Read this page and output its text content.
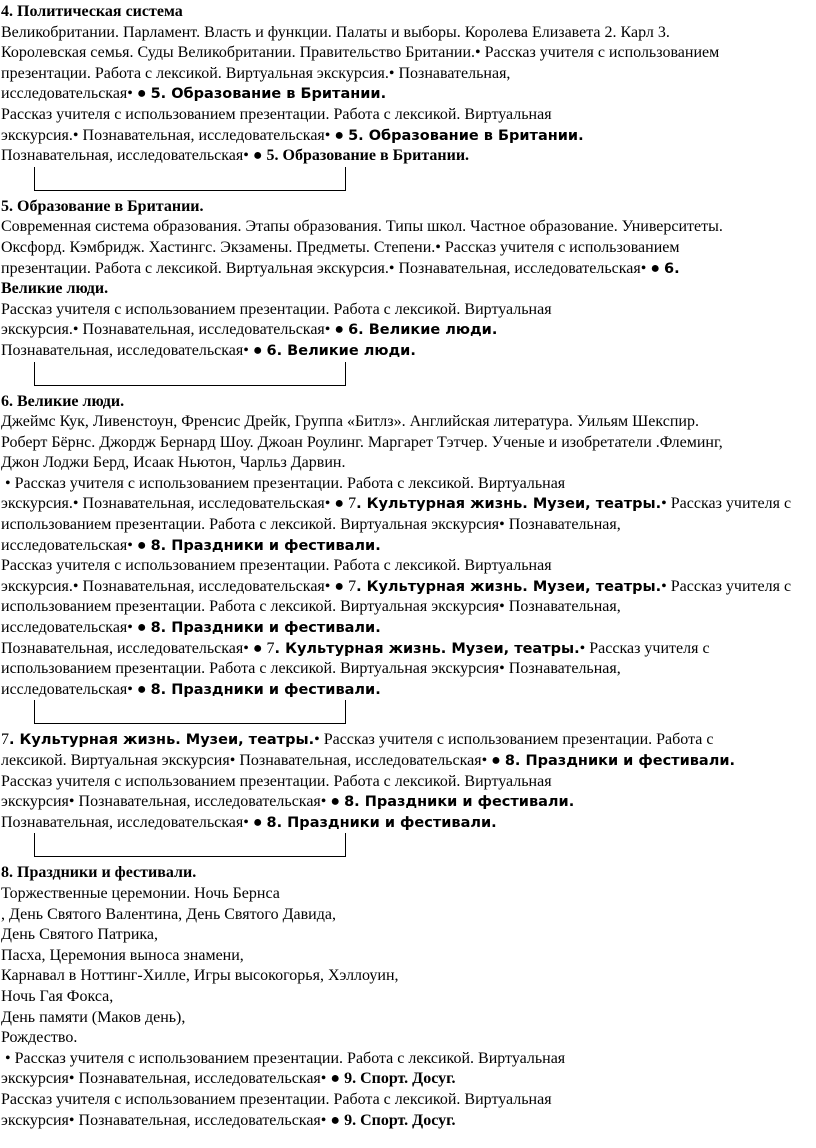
4. Политическая система
Великобритании. Парламент. Власть и функции. Палаты и выборы. Королева Елизавета 2. Карл 3.
Королевская семья. Суды Великобритании. Правительство Британии.• Рассказ учителя с использованием
презентации. Работа с лексикой. Виртуальная экскурсия.• Познавательная,
исследовательская• ● 5. Образование в Британии.
Рассказ учителя с использованием презентации. Работа с лексикой. Виртуальная
экскурсия.• Познавательная, исследовательская• ● 5. Образование в Британии.
Познавательная, исследовательская• ● 5. Образование в Британии.
5. Образование в Британии.
Современная система образования. Этапы образования. Типы школ. Частное образование. Университеты.
Оксфорд. Кэмбридж. Хастингс. Экзамены. Предметы. Степени.• Рассказ учителя с использованием
презентации. Работа с лексикой. Виртуальная экскурсия.• Познавательная, исследовательская• ● 6.
Великие люди.
Рассказ учителя с использованием презентации. Работа с лексикой. Виртуальная
экскурсия.• Познавательная, исследовательская• ● 6. Великие люди.
Познавательная, исследовательская• ● 6. Великие люди.
6. Великие люди.
Джеймс Кук, Ливенстоун, Френсис Дрейк, Группа «Битлз». Английская литература. Уильям Шекспир.
Роберт Бёрнс. Джордж Бернард Шоу. Джоан Роулинг. Маргарет Тэтчер. Ученые и изобретатели .Флеминг,
Джон Лоджи Берд, Исаак Ньютон, Чарльз Дарвин.
• Рассказ учителя с использованием презентации. Работа с лексикой. Виртуальная
экскурсия.• Познавательная, исследовательская• ● 7. Культурная жизнь. Музеи, театры.• Рассказ учителя с
использованием презентации. Работа с лексикой. Виртуальная экскурсия• Познавательная,
исследовательская• ● 8. Праздники и фестивали.
Рассказ учителя с использованием презентации. Работа с лексикой. Виртуальная
экскурсия.• Познавательная, исследовательская• ● 7. Культурная жизнь. Музеи, театры.• Рассказ учителя с
использованием презентации. Работа с лексикой. Виртуальная экскурсия• Познавательная,
исследовательская• ● 8. Праздники и фестивали.
Познавательная, исследовательская• ● 7. Культурная жизнь. Музеи, театры.• Рассказ учителя с
использованием презентации. Работа с лексикой. Виртуальная экскурсия• Познавательная,
исследовательская• ● 8. Праздники и фестивали.
7. Культурная жизнь. Музеи, театры.• Рассказ учителя с использованием презентации. Работа с
лексикой. Виртуальная экскурсия• Познавательная, исследовательская• ● 8. Праздники и фестивали.
Рассказ учителя с использованием презентации. Работа с лексикой. Виртуальная
экскурсия• Познавательная, исследовательская• ● 8. Праздники и фестивали.
Познавательная, исследовательская• ● 8. Праздники и фестивали.
8. Праздники и фестивали.
Торжественные церемонии. Ночь Бернса
, День Святого Валентина, День Святого Давида,
День Святого Патрика,
Пасха, Церемония выноса знамени,
Карнавал в Ноттинг-Хилле, Игры высокогорья, Хэллоуин,
Ночь Гая Фокса,
День памяти (Маков день),
Рождество.
• Рассказ учителя с использованием презентации. Работа с лексикой. Виртуальная
экскурсия• Познавательная, исследовательская• ● 9. Спорт. Досуг.
Рассказ учителя с использованием презентации. Работа с лексикой. Виртуальная
экскурсия• Познавательная, исследовательская• ● 9. Спорт. Досуг.
